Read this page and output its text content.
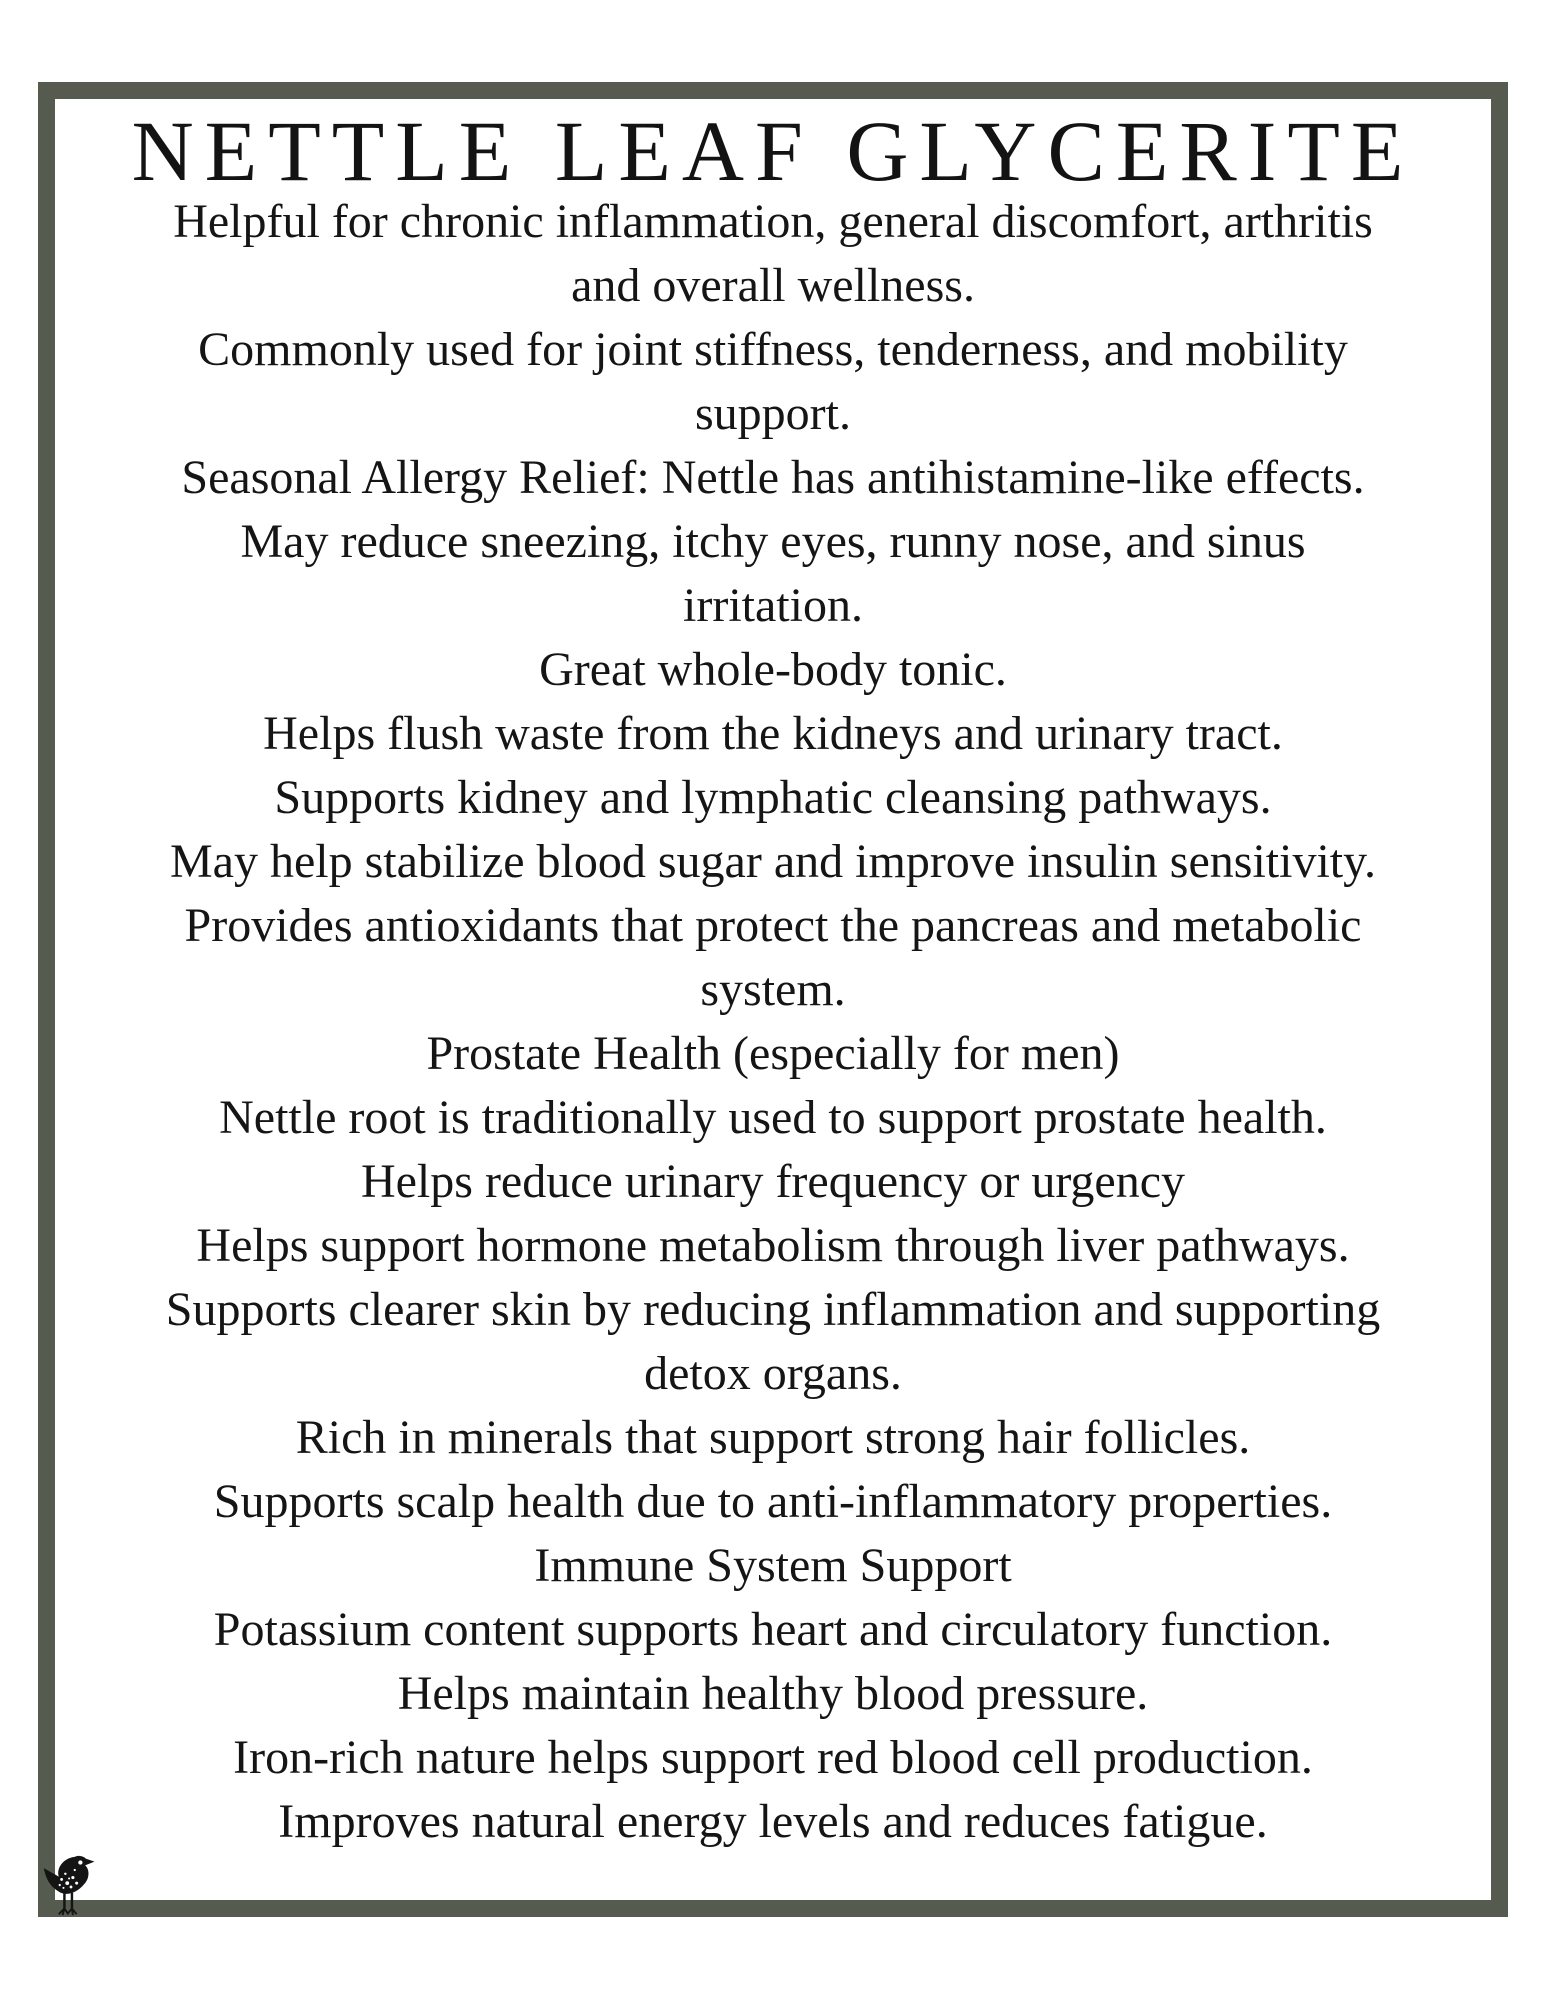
NETTLE LEAF GLYCERITE
Helpful for chronic inflammation, general discomfort, arthritis
and overall wellness.
Commonly used for joint stiffness, tenderness, and mobility
support.
Seasonal Allergy Relief: Nettle has antihistamine-like effects.
May reduce sneezing, itchy eyes, runny nose, and sinus
irritation.
Great whole-body tonic.
Helps flush waste from the kidneys and urinary tract.
Supports kidney and lymphatic cleansing pathways.
May help stabilize blood sugar and improve insulin sensitivity.
Provides antioxidants that protect the pancreas and metabolic
system.
Prostate Health (especially for men)
Nettle root is traditionally used to support prostate health.
Helps reduce urinary frequency or urgency
Helps support hormone metabolism through liver pathways.
Supports clearer skin by reducing inflammation and supporting
detox organs.
Rich in minerals that support strong hair follicles.
Supports scalp health due to anti-inflammatory properties.
Immune System Support
Potassium content supports heart and circulatory function.
Helps maintain healthy blood pressure.
Iron-rich nature helps support red blood cell production.
Improves natural energy levels and reduces fatigue.
